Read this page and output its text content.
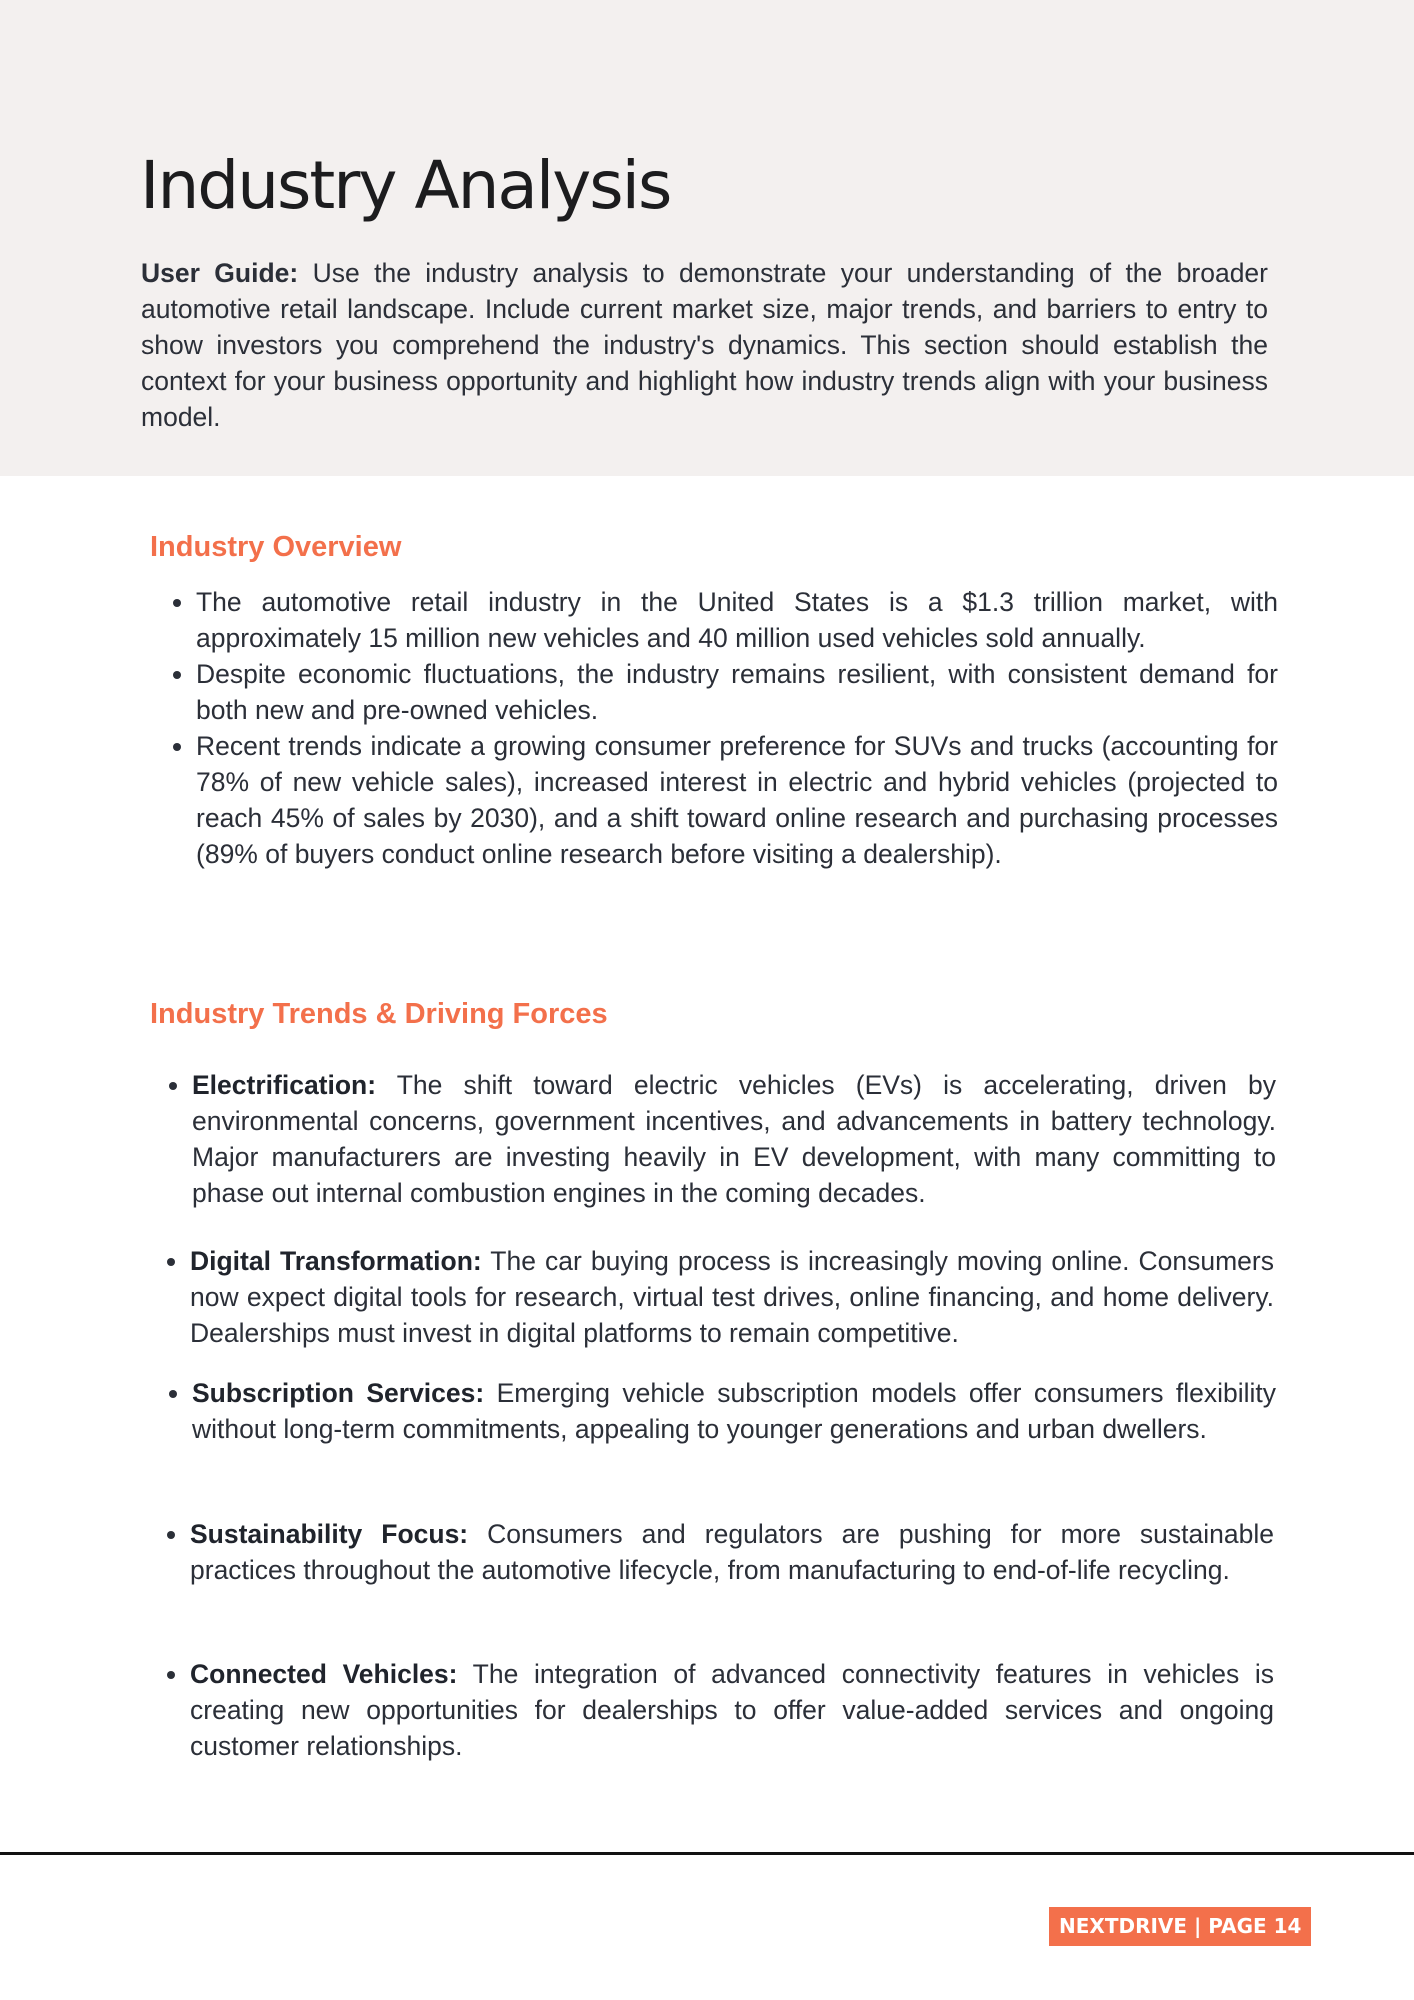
Industry Analysis

User Guide: Use the industry analysis to demonstrate your understanding of the broader automotive retail landscape. Include current market size, major trends, and barriers to entry to show investors you comprehend the industry's dynamics. This section should establish the context for your business opportunity and highlight how industry trends align with your business model.

Industry Overview
• The automotive retail industry in the United States is a $1.3 trillion market, with approximately 15 million new vehicles and 40 million used vehicles sold annually.
• Despite economic fluctuations, the industry remains resilient, with consistent demand for both new and pre-owned vehicles.
• Recent trends indicate a growing consumer preference for SUVs and trucks (accounting for 78% of new vehicle sales), increased interest in electric and hybrid vehicles (projected to reach 45% of sales by 2030), and a shift toward online research and purchasing processes (89% of buyers conduct online research before visiting a dealership).
Industry Trends & Driving Forces
• Electrification: The shift toward electric vehicles (EVs) is accelerating, driven by environmental concerns, government incentives, and advancements in battery technology. Major manufacturers are investing heavily in EV development, with many committing to phase out internal combustion engines in the coming decades.
• Digital Transformation: The car buying process is increasingly moving online. Consumers now expect digital tools for research, virtual test drives, online financing, and home delivery. Dealerships must invest in digital platforms to remain competitive.
• Subscription Services: Emerging vehicle subscription models offer consumers flexibility without long-term commitments, appealing to younger generations and urban dwellers.
• Sustainability Focus: Consumers and regulators are pushing for more sustainable practices throughout the automotive lifecycle, from manufacturing to end-of-life recycling.
• Connected Vehicles: The integration of advanced connectivity features in vehicles is creating new opportunities for dealerships to offer value-added services and ongoing customer relationships.
NEXTDRIVE | PAGE 14
